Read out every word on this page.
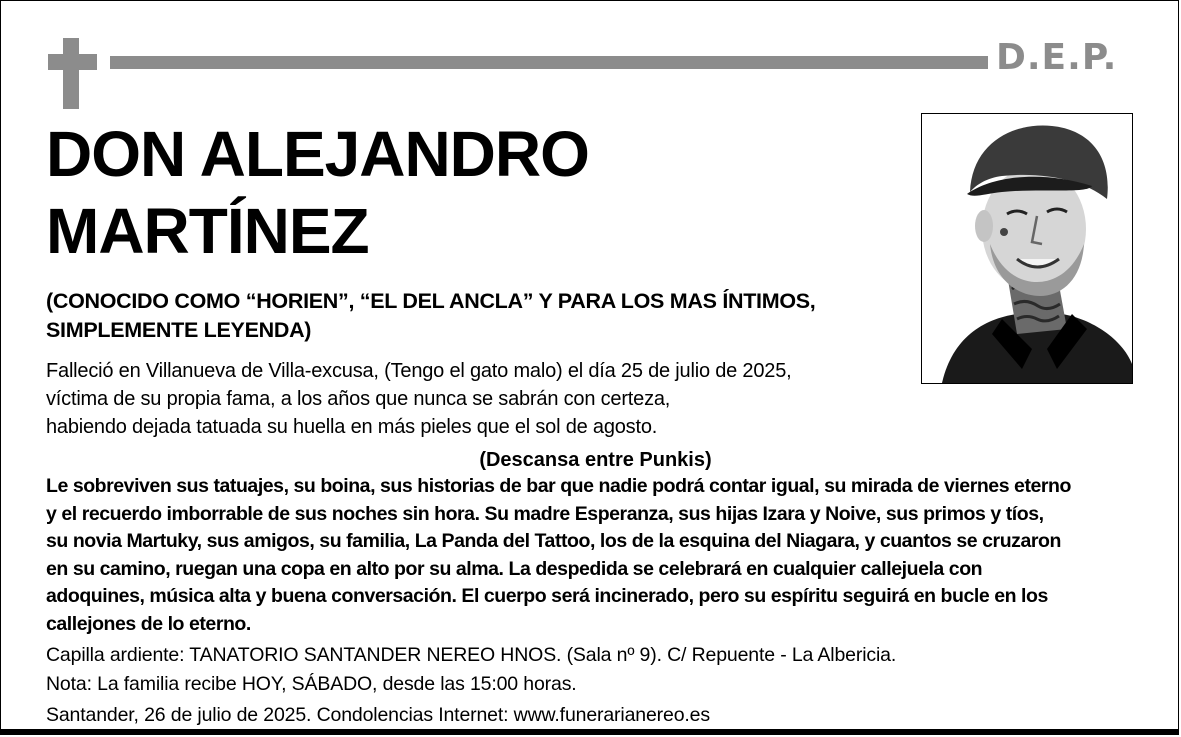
D.E.P.
DON ALEJANDRO
MARTÍNEZ
(CONOCIDO COMO “HORIEN”, “EL DEL ANCLA” Y PARA LOS MAS ÍNTIMOS,
SIMPLEMENTE LEYENDA)
Falleció en Villanueva de Villa-excusa, (Tengo el gato malo) el día 25 de julio de 2025,
víctima de su propia fama, a los años que nunca se sabrán con certeza,
habiendo dejada tatuada su huella en más pieles que el sol de agosto.
(Descansa entre Punkis)
Le sobreviven sus tatuajes, su boina, sus historias de bar que nadie podrá contar igual, su mirada de viernes eterno
y el recuerdo imborrable de sus noches sin hora. Su madre Esperanza, sus hijas Izara y Noive, sus primos y tíos,
su novia Martuky, sus amigos, su familia, La Panda del Tattoo, los de la esquina del Niagara, y cuantos se cruzaron
en su camino, ruegan una copa en alto por su alma. La despedida se celebrará en cualquier callejuela con
adoquines, música alta y buena conversación. El cuerpo será incinerado, pero su espíritu seguirá en bucle en los
callejones de lo eterno.
Capilla ardiente: TANATORIO SANTANDER NEREO HNOS. (Sala nº 9). C/ Repuente - La Albericia.
Nota: La familia recibe HOY, SÁBADO, desde las 15:00 horas.
Santander, 26 de julio de 2025. Condolencias Internet: www.funerarianereo.es
